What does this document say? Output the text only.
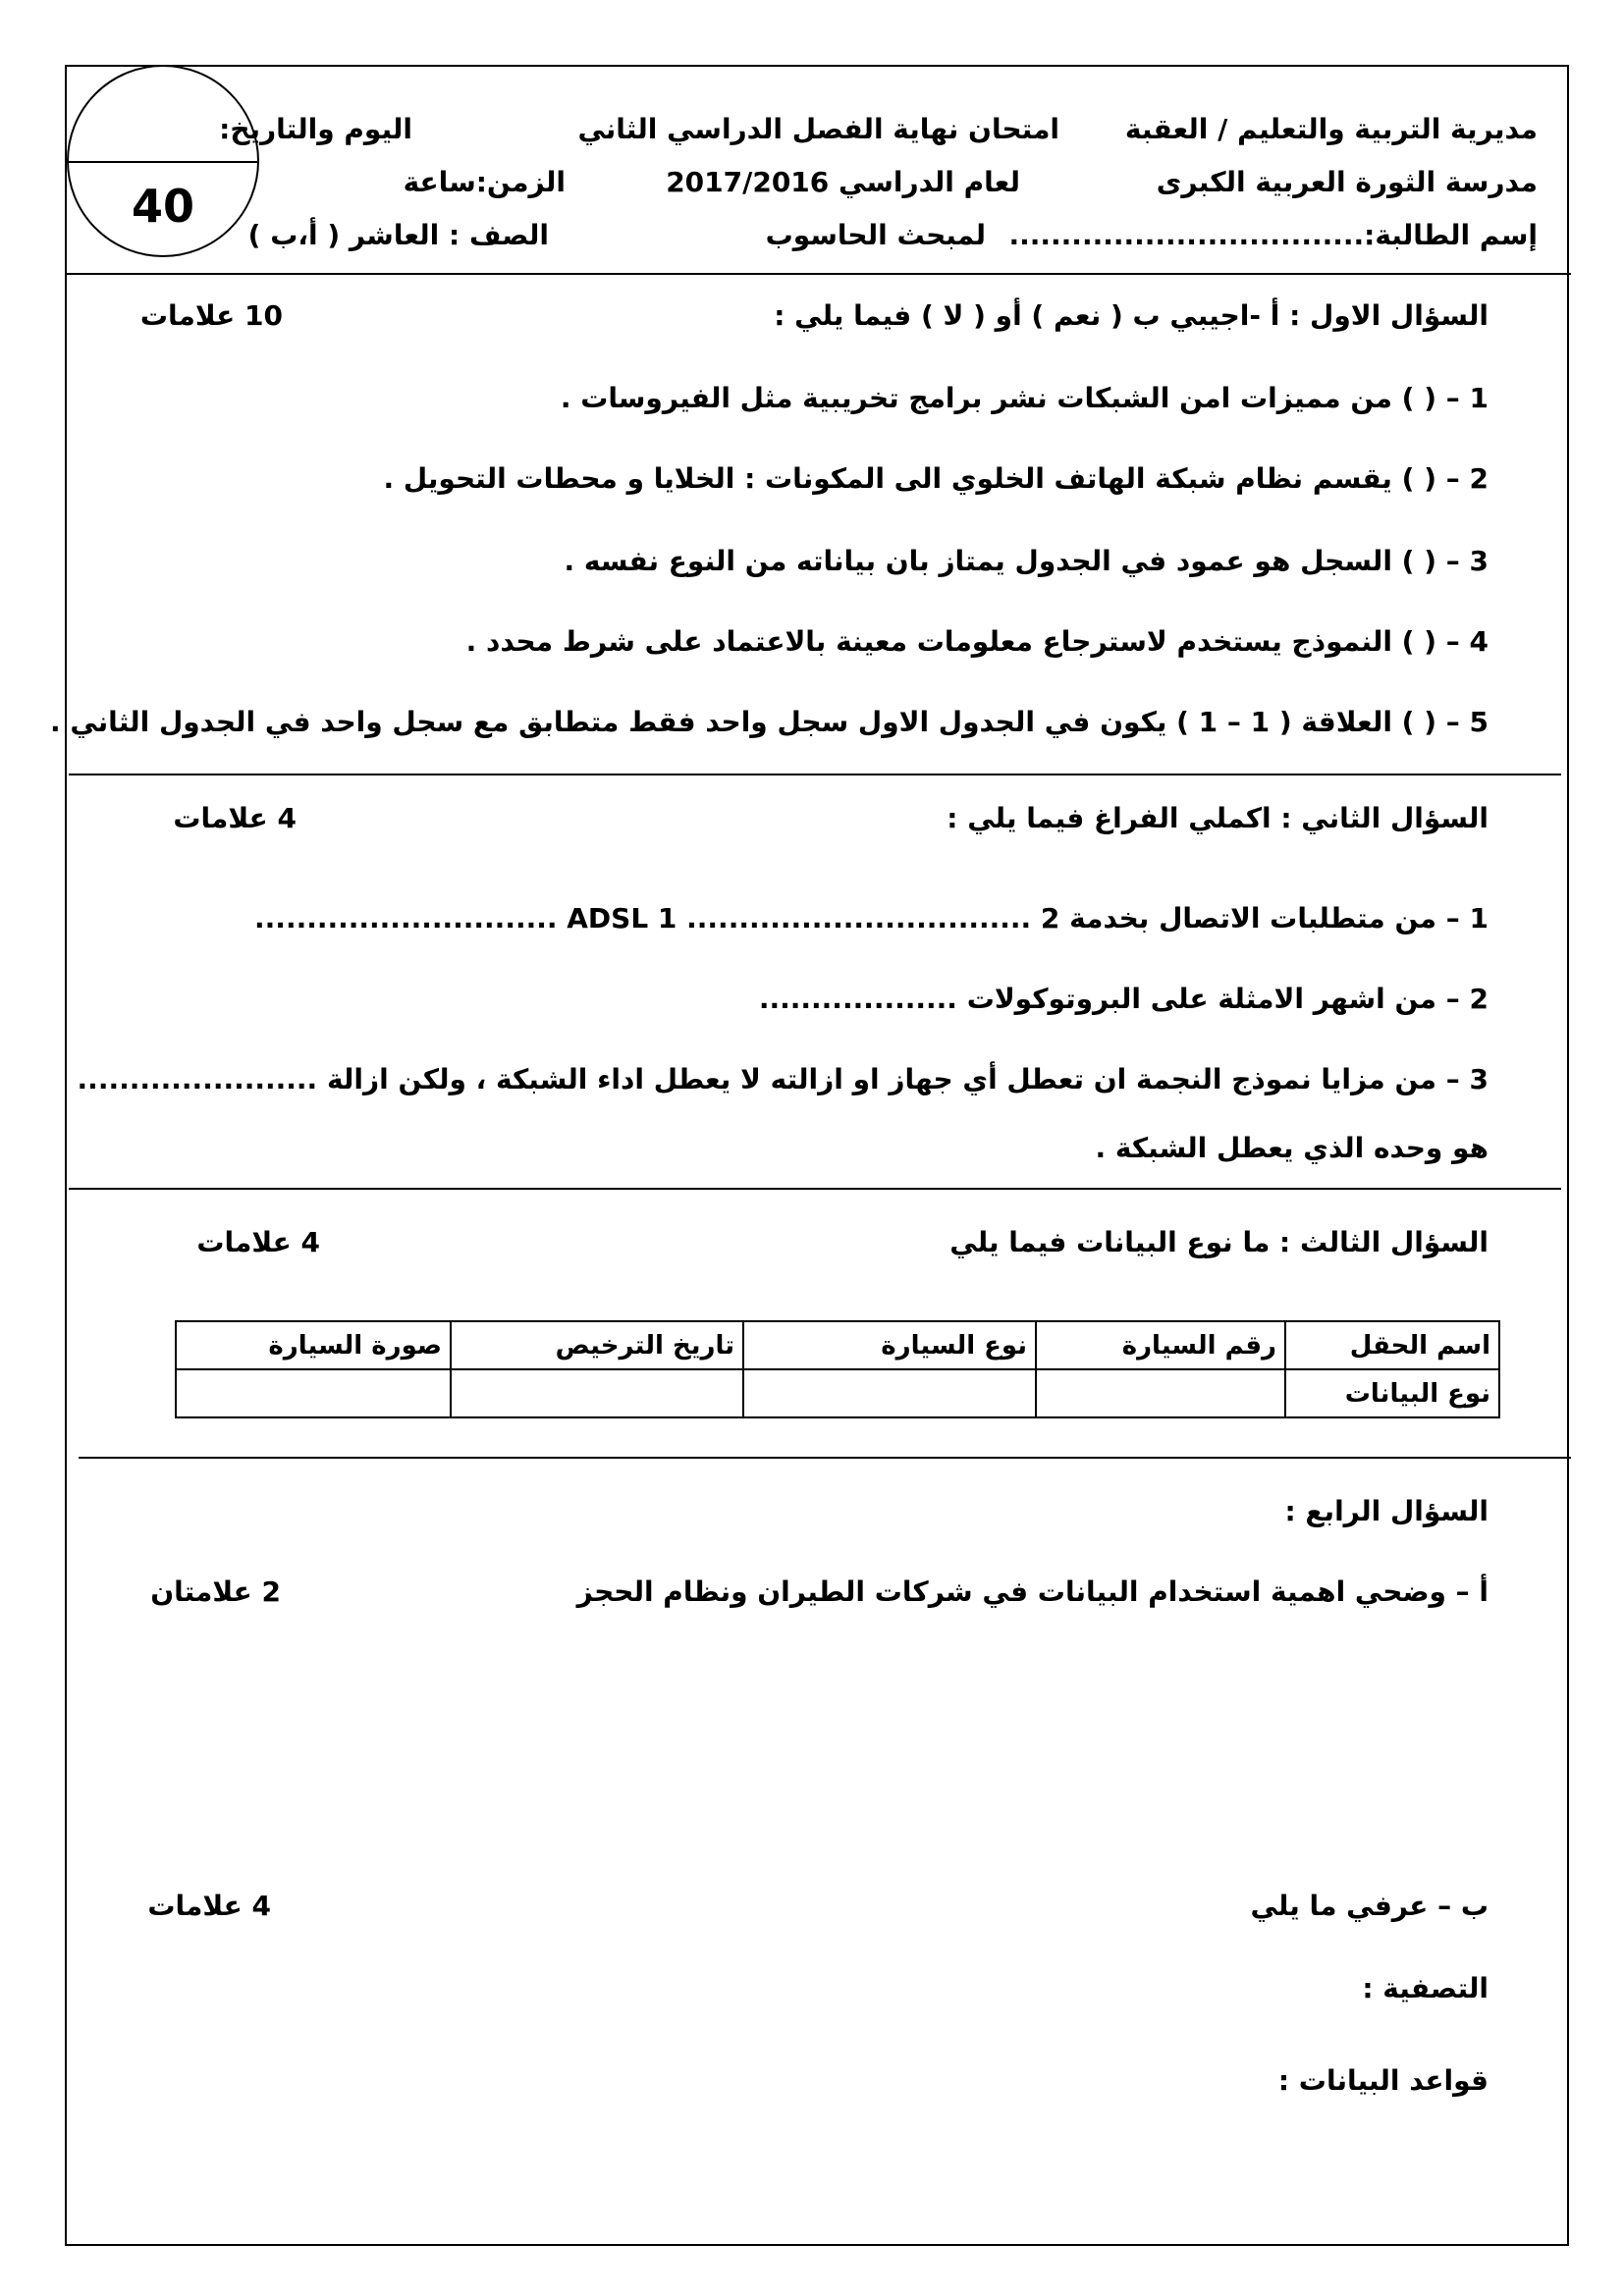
40
مديرية التربية والتعليم / العقبة
مدرسة الثورة العربية الكبرى
إسم الطالبة:..................................
امتحان نهاية الفصل الدراسي الثاني
لعام الدراسي 2017/2016
لمبحث الحاسوب
اليوم والتاريخ:
الزمن:ساعة
الصف : العاشر ( أ،ب )
السؤال الاول : أ -اجيبي ب ( نعم ) أو ( لا ) فيما يلي :
10 علامات
1 – ( ) من مميزات امن الشبكات نشر برامج تخريبية مثل الفيروسات .
2 – ( ) يقسم نظام شبكة الهاتف الخلوي الى المكونات : الخلايا و محطات التحويل .
3 – ( ) السجل هو عمود في الجدول يمتاز بان بياناته من النوع نفسه .
4 – ( ) النموذج يستخدم لاسترجاع معلومات معينة بالاعتماد على شرط محدد .
5 – ( ) العلاقة ( 1 – 1 ) يكون في الجدول الاول سجل واحد فقط متطابق مع سجل واحد في الجدول الثاني .
السؤال الثاني : اكملي الفراغ فيما يلي :
4 علامات
1 – من متطلبات الاتصال بخدمة ADSL 1 ................................. 2 .............................
2 – من اشهر الامثلة على البروتوكولات ...................
3 – من مزايا نموذج النجمة ان تعطل أي جهاز او ازالته لا يعطل اداء الشبكة ، ولكن ازالة .......................
هو وحده الذي يعطل الشبكة .
السؤال الثالث : ما نوع البيانات فيما يلي
4 علامات
اسم الحقل	رقم السيارة	نوع السيارة	تاريخ الترخيص	صورة السيارة
نوع البيانات				
السؤال الرابع :
أ – وضحي اهمية استخدام البيانات في شركات الطيران ونظام الحجز
2 علامتان
ب – عرفي ما يلي
4 علامات
التصفية :
قواعد البيانات :
